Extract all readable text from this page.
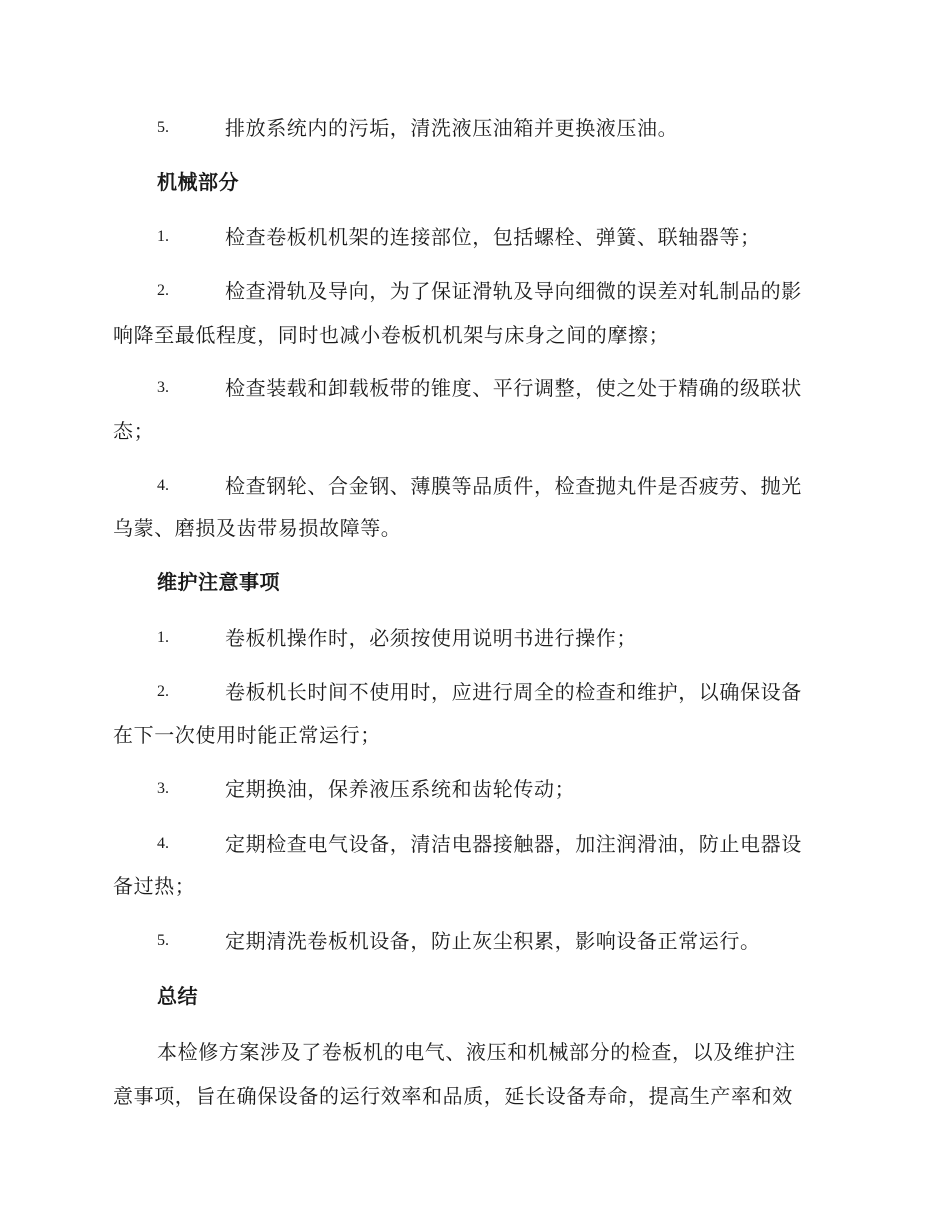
5.	排放系统内的污垢，清洗液压油箱并更换液压油。
机械部分
1.	检查卷板机机架的连接部位，包括螺栓、弹簧、联轴器等；
2.	检查滑轨及导向，为了保证滑轨及导向细微的误差对轧制品的影
响降至最低程度，同时也减小卷板机机架与床身之间的摩擦；
3.	检查装载和卸载板带的锥度、平行调整，使之处于精确的级联状
态；
4.	检查钢轮、合金钢、薄膜等品质件，检查抛丸件是否疲劳、抛光
乌蒙、磨损及齿带易损故障等。
维护注意事项
1.	卷板机操作时，必须按使用说明书进行操作；
2.	卷板机长时间不使用时，应进行周全的检查和维护，以确保设备
在下一次使用时能正常运行；
3.	定期换油，保养液压系统和齿轮传动；
4.	定期检查电气设备，清洁电器接触器，加注润滑油，防止电器设
备过热；
5.	定期清洗卷板机设备，防止灰尘积累，影响设备正常运行。
总结
本检修方案涉及了卷板机的电气、液压和机械部分的检查，以及维护注
意事项，旨在确保设备的运行效率和品质，延长设备寿命，提高生产率和效
